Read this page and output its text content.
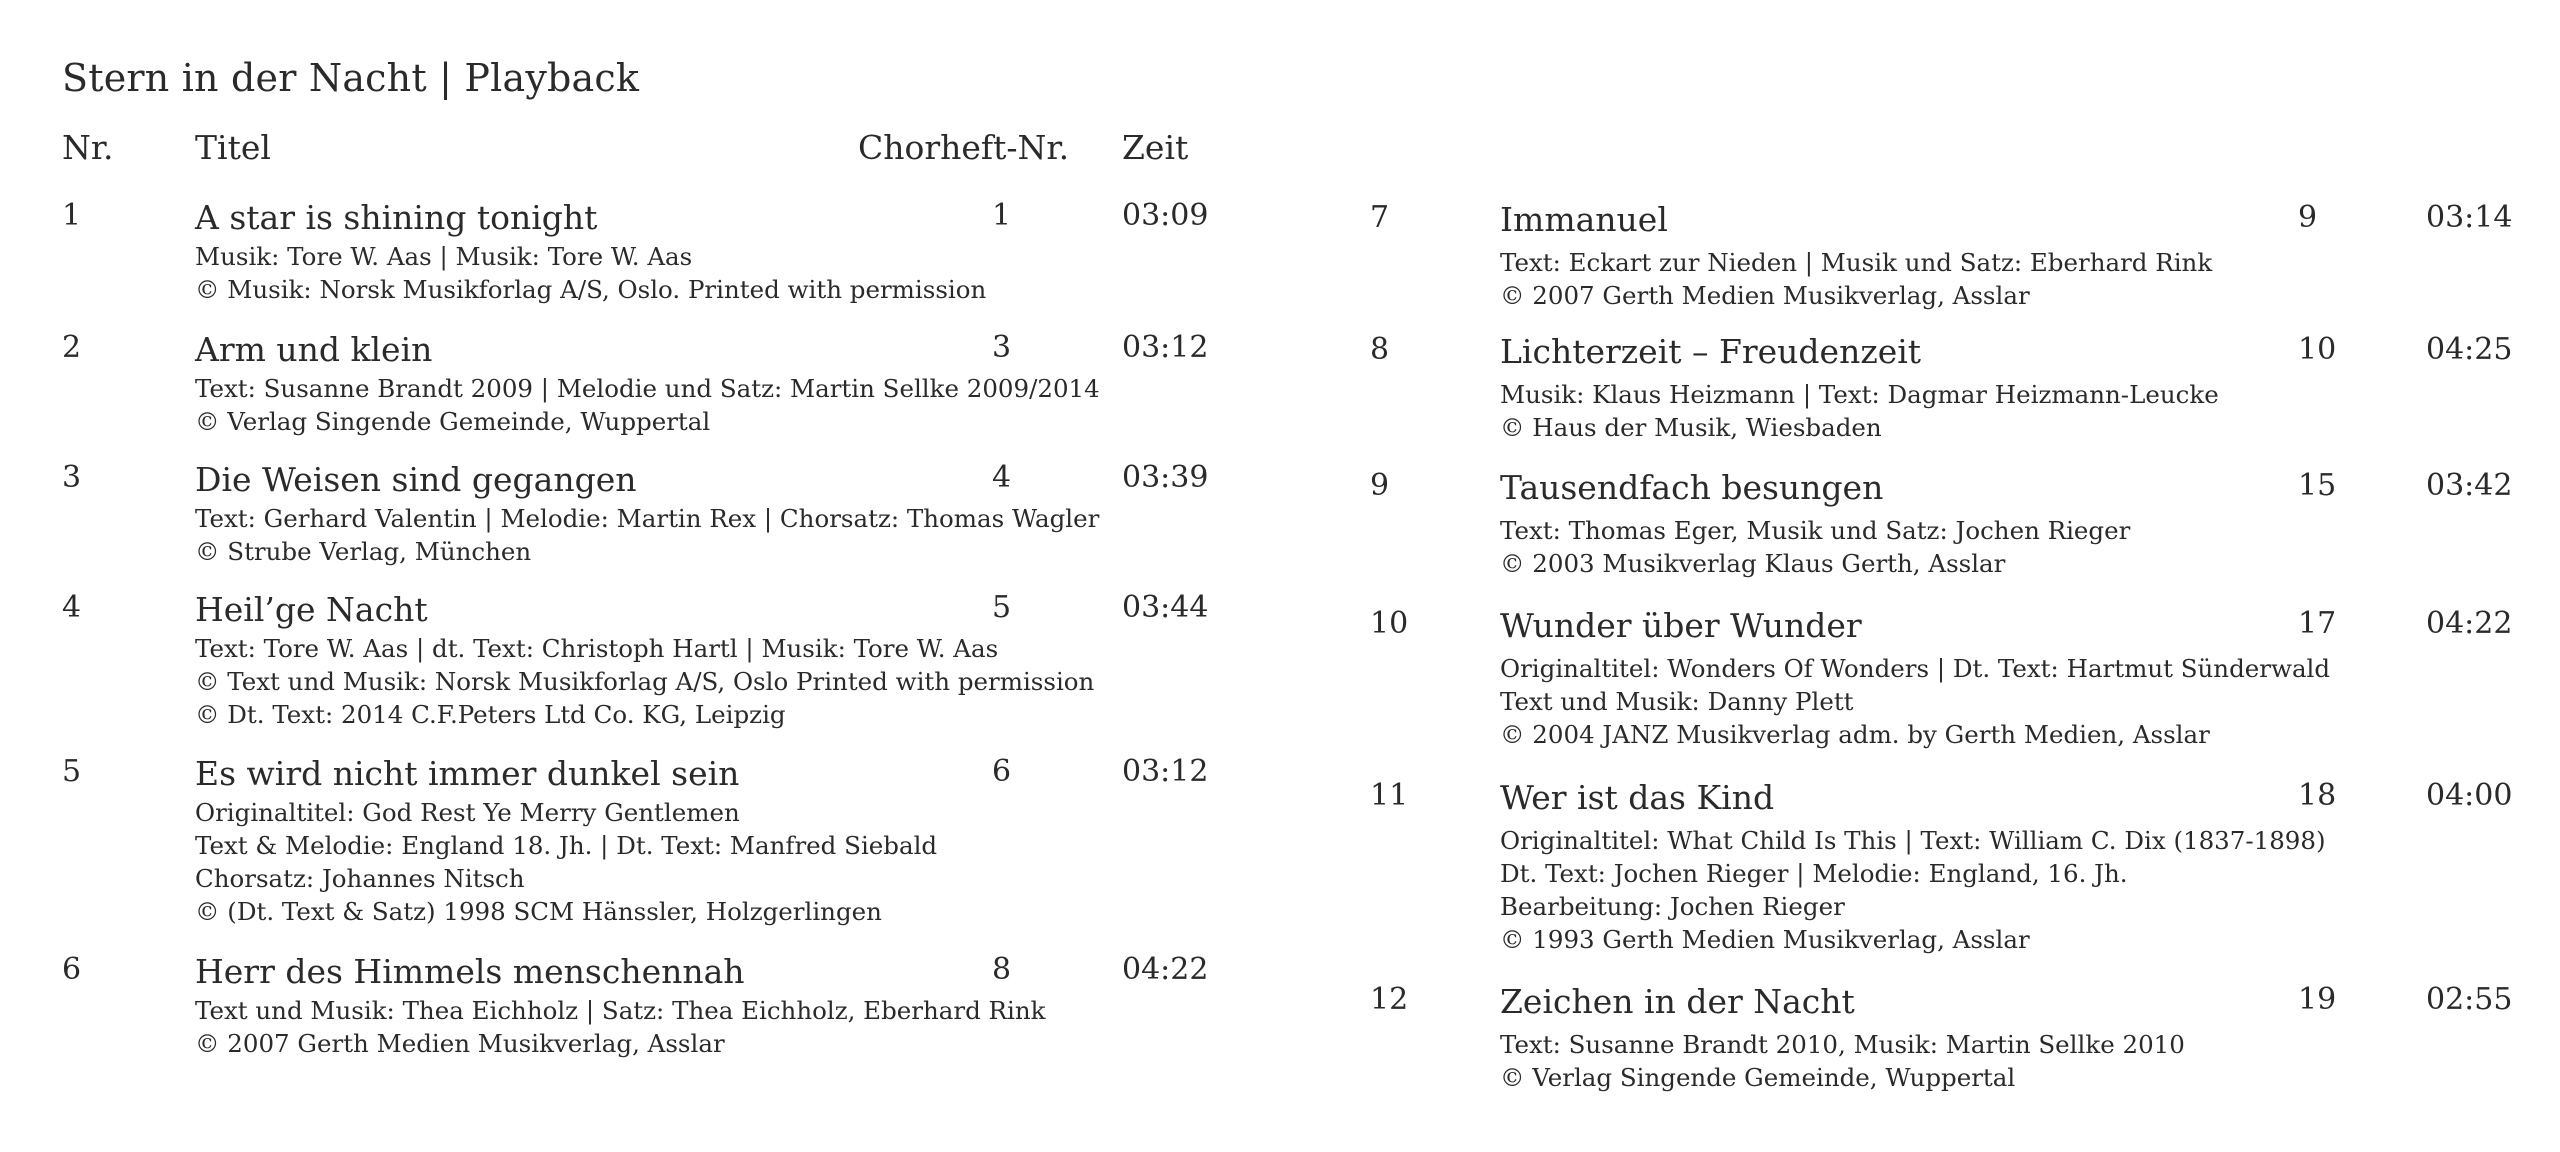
Stern in der Nacht | Playback
Nr. Titel	Chorheft-Nr. Zeit
1	A star is shining tonight	1	03:09
Musik: Tore W. Aas | Musik: Tore W. Aas
© Musik: Norsk Musikforlag A/S, Oslo. Printed with permission
2	Arm und klein	3	03:12
Text: Susanne Brandt 2009 | Melodie und Satz: Martin Sellke 2009/2014
© Verlag Singende Gemeinde, Wuppertal
3	Die Weisen sind gegangen	4	03:39
Text: Gerhard Valentin | Melodie: Martin Rex | Chorsatz: Thomas Wagler
© Strube Verlag, München
4	Heil’ge Nacht	5	03:44
Text: Tore W. Aas | dt. Text: Christoph Hartl | Musik: Tore W. Aas
© Text und Musik: Norsk Musikforlag A/S, Oslo Printed with permission
© Dt. Text: 2014 C.F.Peters Ltd Co. KG, Leipzig
5	Es wird nicht immer dunkel sein	6	03:12
Originaltitel: God Rest Ye Merry Gentlemen
Text & Melodie: England 18. Jh. | Dt. Text: Manfred Siebald
Chorsatz: Johannes Nitsch
© (Dt. Text & Satz) 1998 SCM Hänssler, Holzgerlingen
6	Herr des Himmels menschennah	8	04:22
Text und Musik: Thea Eichholz | Satz: Thea Eichholz, Eberhard Rink
© 2007 Gerth Medien Musikverlag, Asslar
7	Immanuel	9	03:14
Text: Eckart zur Nieden | Musik und Satz: Eberhard Rink
© 2007 Gerth Medien Musikverlag, Asslar
8	Lichterzeit – Freudenzeit	10	04:25
Musik: Klaus Heizmann | Text: Dagmar Heizmann-Leucke
© Haus der Musik, Wiesbaden
9	Tausendfach besungen	15	03:42
Text: Thomas Eger, Musik und Satz: Jochen Rieger
© 2003 Musikverlag Klaus Gerth, Asslar
10	Wunder über Wunder	17	04:22
Originaltitel: Wonders Of Wonders | Dt. Text: Hartmut Sünderwald
Text und Musik: Danny Plett
© 2004 JANZ Musikverlag adm. by Gerth Medien, Asslar
11	Wer ist das Kind	18	04:00
Originaltitel: What Child Is This | Text: William C. Dix (1837-1898)
Dt. Text: Jochen Rieger | Melodie: England, 16. Jh.
Bearbeitung: Jochen Rieger
© 1993 Gerth Medien Musikverlag, Asslar
12	Zeichen in der Nacht	19	02:55
Text: Susanne Brandt 2010, Musik: Martin Sellke 2010
© Verlag Singende Gemeinde, Wuppertal
